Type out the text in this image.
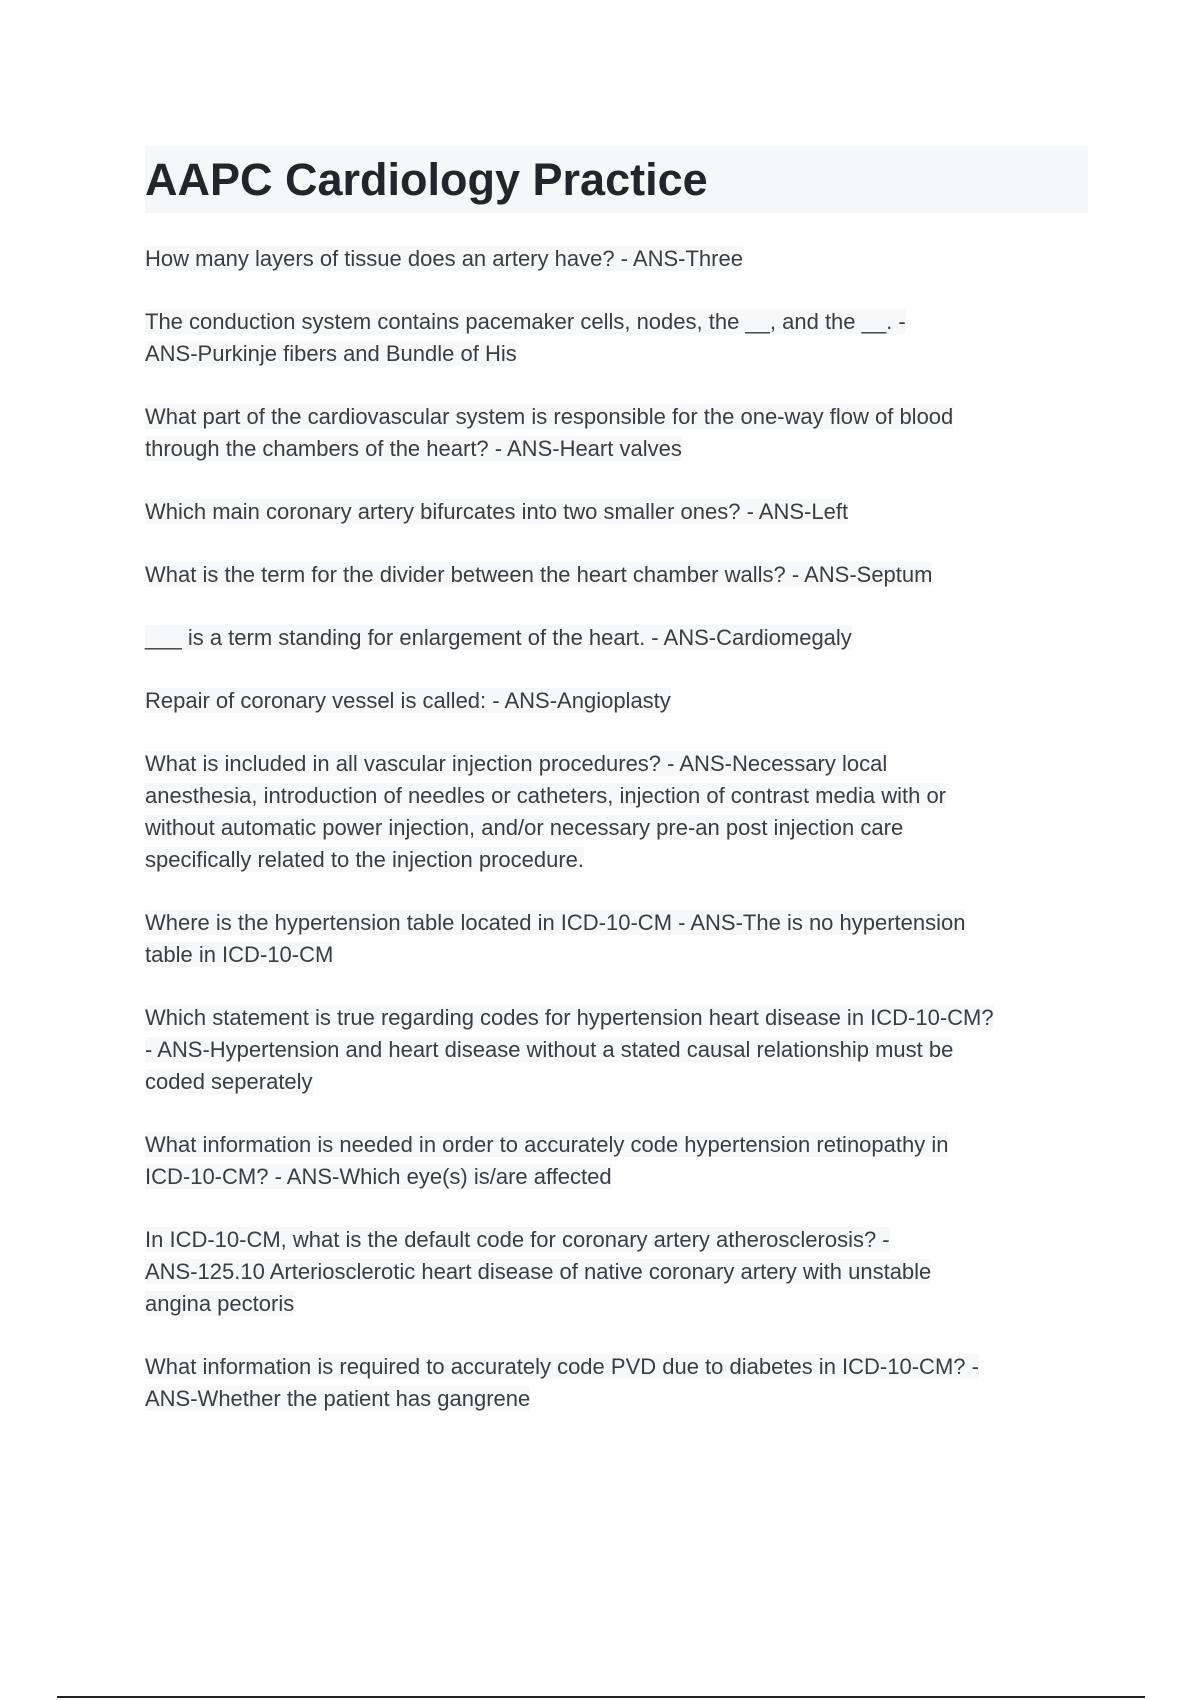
AAPC Cardiology Practice
How many layers of tissue does an artery have? - ANS-Three
The conduction system contains pacemaker cells, nodes, the __, and the __. -
ANS-Purkinje fibers and Bundle of His
What part of the cardiovascular system is responsible for the one-way flow of blood
through the chambers of the heart? - ANS-Heart valves
Which main coronary artery bifurcates into two smaller ones? - ANS-Left
What is the term for the divider between the heart chamber walls? - ANS-Septum
___ is a term standing for enlargement of the heart. - ANS-Cardiomegaly
Repair of coronary vessel is called: - ANS-Angioplasty
What is included in all vascular injection procedures? - ANS-Necessary local
anesthesia, introduction of needles or catheters, injection of contrast media with or
without automatic power injection, and/or necessary pre-an post injection care
specifically related to the injection procedure.
Where is the hypertension table located in ICD-10-CM - ANS-The is no hypertension
table in ICD-10-CM
Which statement is true regarding codes for hypertension heart disease in ICD-10-CM?
- ANS-Hypertension and heart disease without a stated causal relationship must be
coded seperately
What information is needed in order to accurately code hypertension retinopathy in
ICD-10-CM? - ANS-Which eye(s) is/are affected
In ICD-10-CM, what is the default code for coronary artery atherosclerosis? -
ANS-125.10 Arteriosclerotic heart disease of native coronary artery with unstable
angina pectoris
What information is required to accurately code PVD due to diabetes in ICD-10-CM? -
ANS-Whether the patient has gangrene
